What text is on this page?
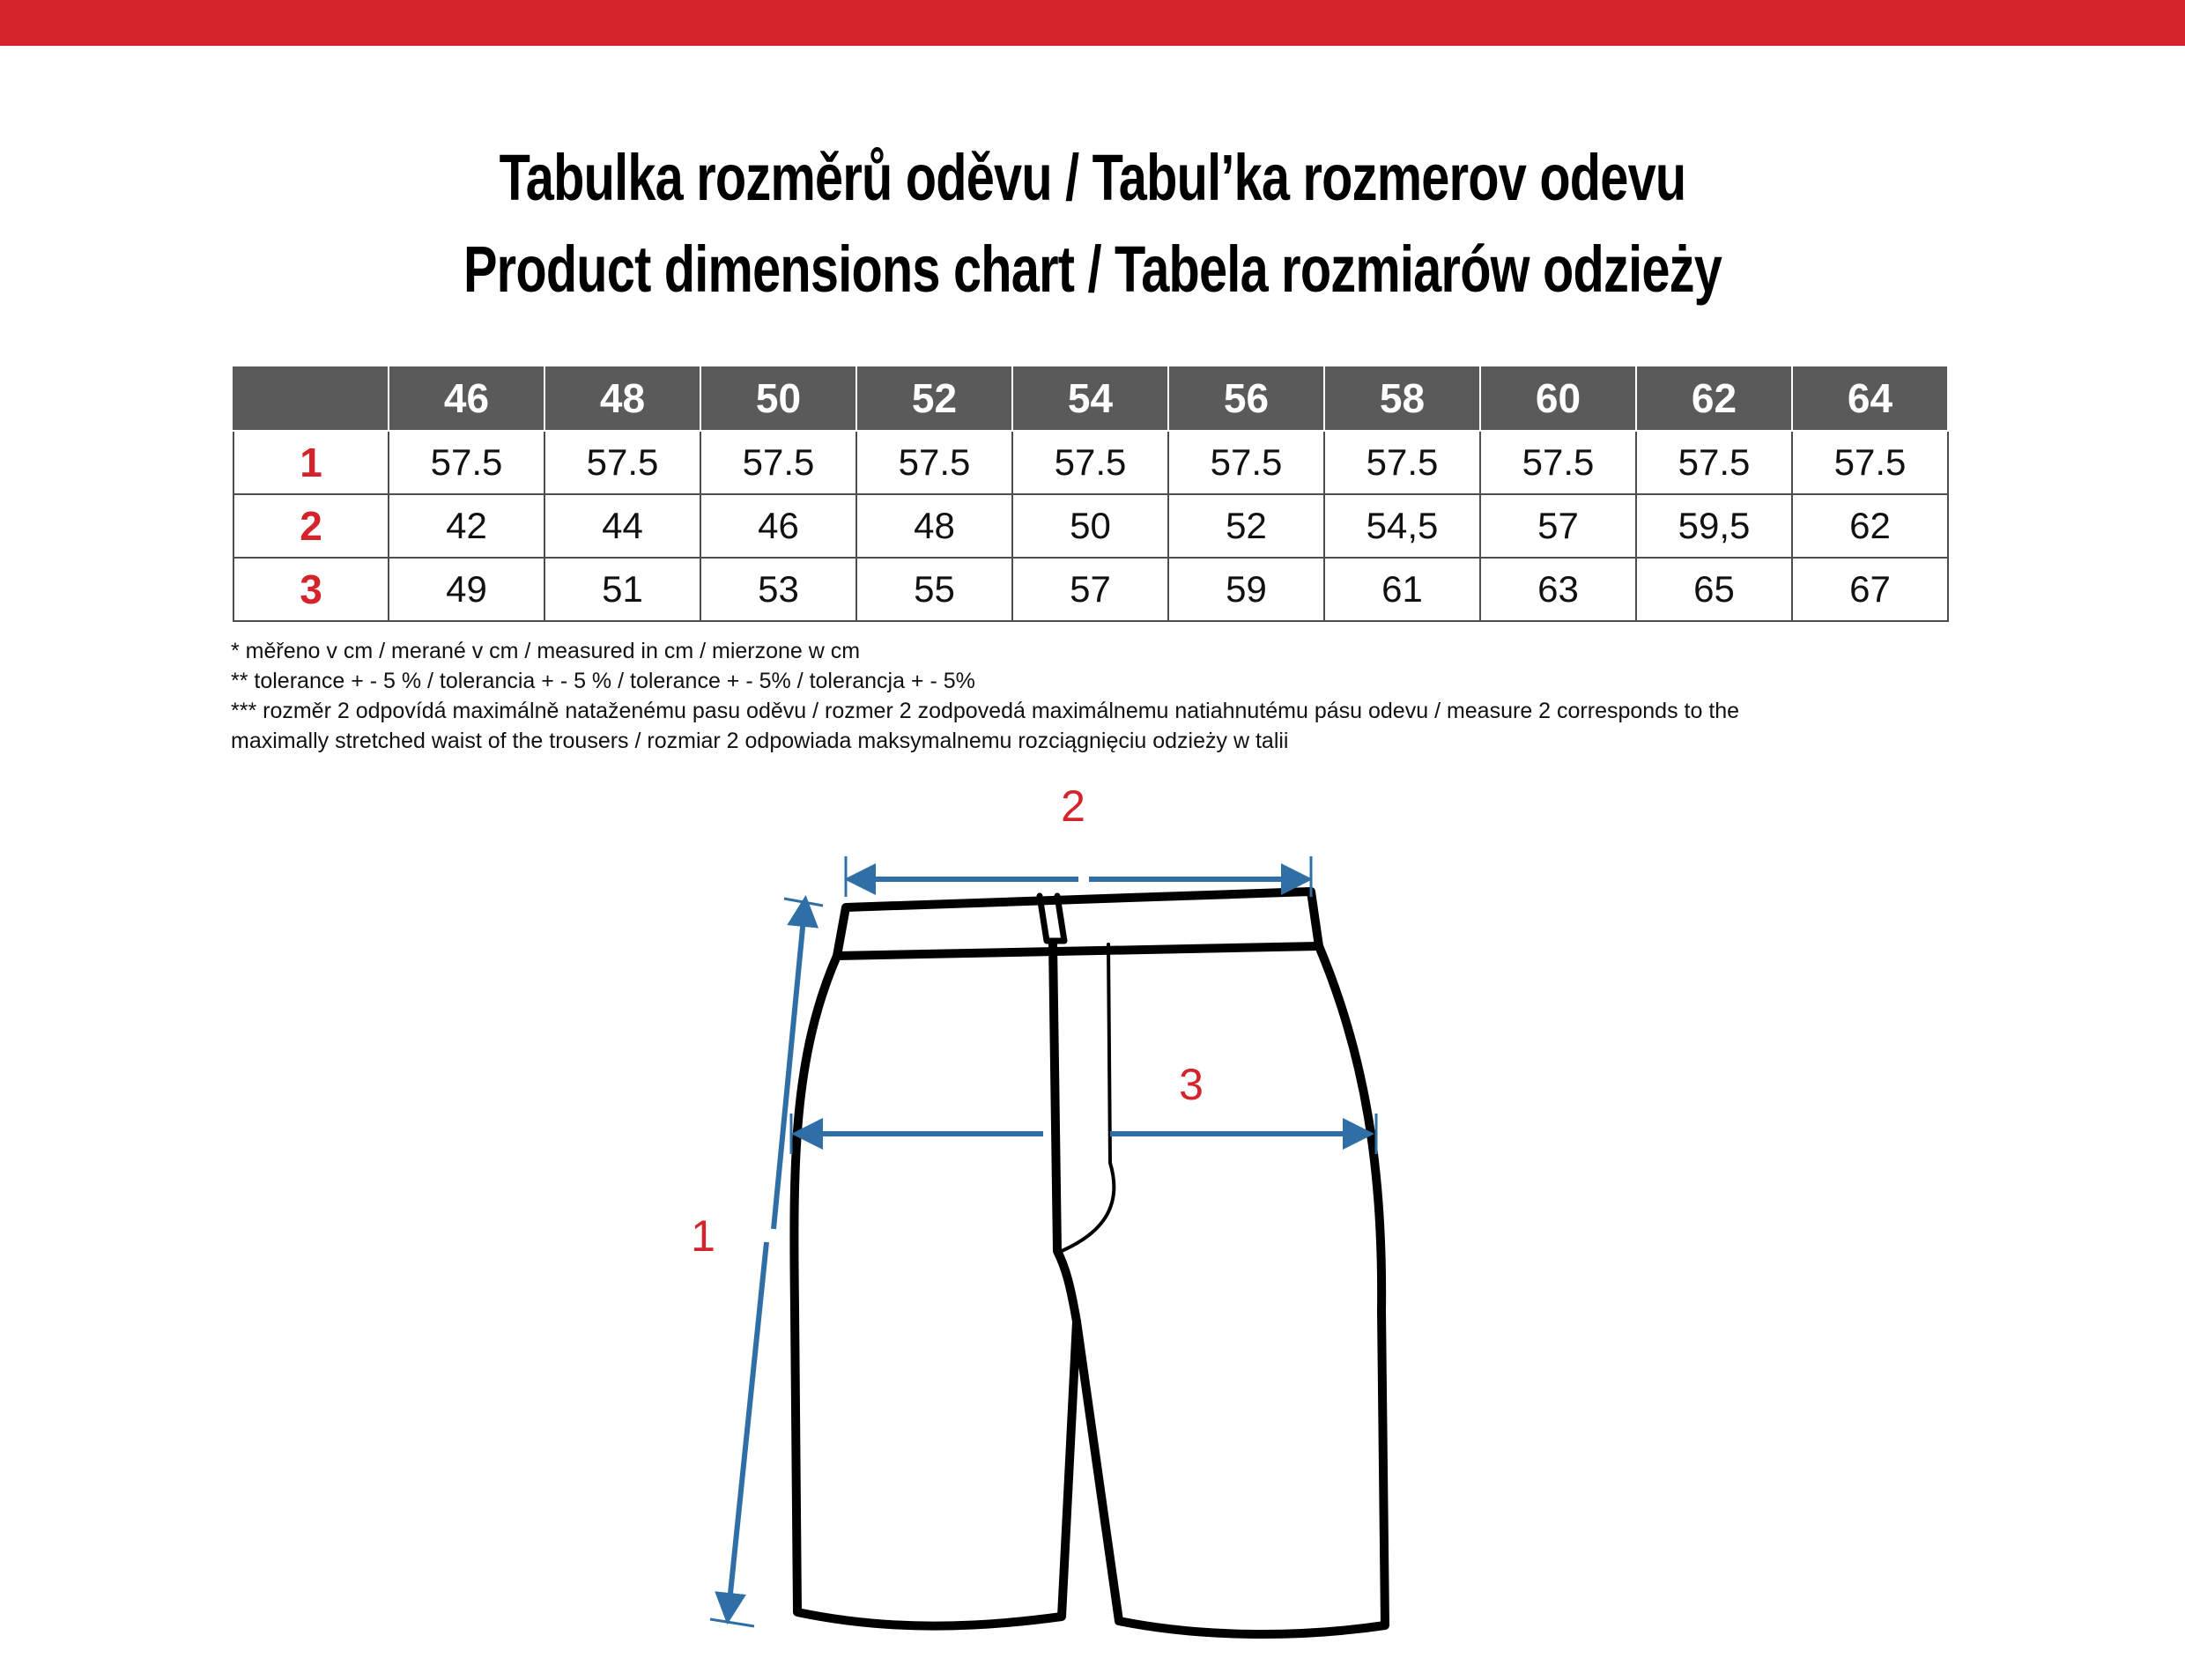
Tabulka rozměrů oděvu / Tabul’ka rozmerov odevu
Product dimensions chart / Tabela rozmiarów odzieży
	46	48	50	52	54	56	58	60	62	64
1	57.5	57.5	57.5	57.5	57.5	57.5	57.5	57.5	57.5	57.5
2	42	44	46	48	50	52	54,5	57	59,5	62
3	49	51	53	55	57	59	61	63	65	67
* měřeno v cm / merané v cm / measured in cm / mierzone w cm
** tolerance + - 5 % / tolerancia + - 5 % / tolerance + - 5% / tolerancja + - 5%
*** rozměr 2 odpovídá maximálně nataženému pasu oděvu / rozmer 2 zodpovedá maximálnemu natiahnutému pásu odevu / measure 2 corresponds to the
maximally stretched waist of the trousers / rozmiar 2 odpowiada maksymalnemu rozciągnięciu odzieży w talii
1
2
3
